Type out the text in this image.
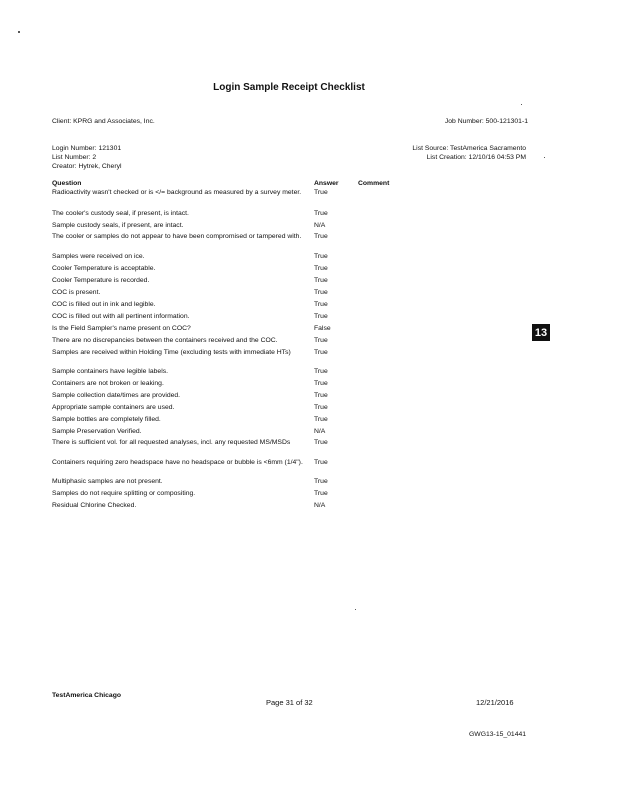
Login Sample Receipt Checklist
Client: KPRG and Associates, Inc.	Job Number: 500-121301-1
Login Number: 121301
List Number: 2
Creator: Hytrek, Cheryl
List Source: TestAmerica Sacramento
List Creation: 12/10/16 04:53 PM
Question	Answer	Comment
Radioactivity wasn't checked or is </= background as measured by a survey meter.	True
The cooler's custody seal, if present, is intact.	True
Sample custody seals, if present, are intact.	N/A
The cooler or samples do not appear to have been compromised or tampered with.	True
Samples were received on ice.	True
Cooler Temperature is acceptable.	True
Cooler Temperature is recorded.	True
COC is present.	True
COC is filled out in ink and legible.	True
COC is filled out with all pertinent information.	True
Is the Field Sampler's name present on COC?	False
There are no discrepancies between the containers received and the COC.	True
Samples are received within Holding Time (excluding tests with immediate HTs)	True
Sample containers have legible labels.	True
Containers are not broken or leaking.	True
Sample collection date/times are provided.	True
Appropriate sample containers are used.	True
Sample bottles are completely filled.	True
Sample Preservation Verified.	N/A
There is sufficient vol. for all requested analyses, incl. any requested MS/MSDs	True
Containers requiring zero headspace have no headspace or bubble is <6mm (1/4").	True
Multiphasic samples are not present.	True
Samples do not require splitting or compositing.	True
Residual Chlorine Checked.	N/A
13
TestAmerica Chicago
Page 31 of 32	12/21/2016
GWG13-15_01441
